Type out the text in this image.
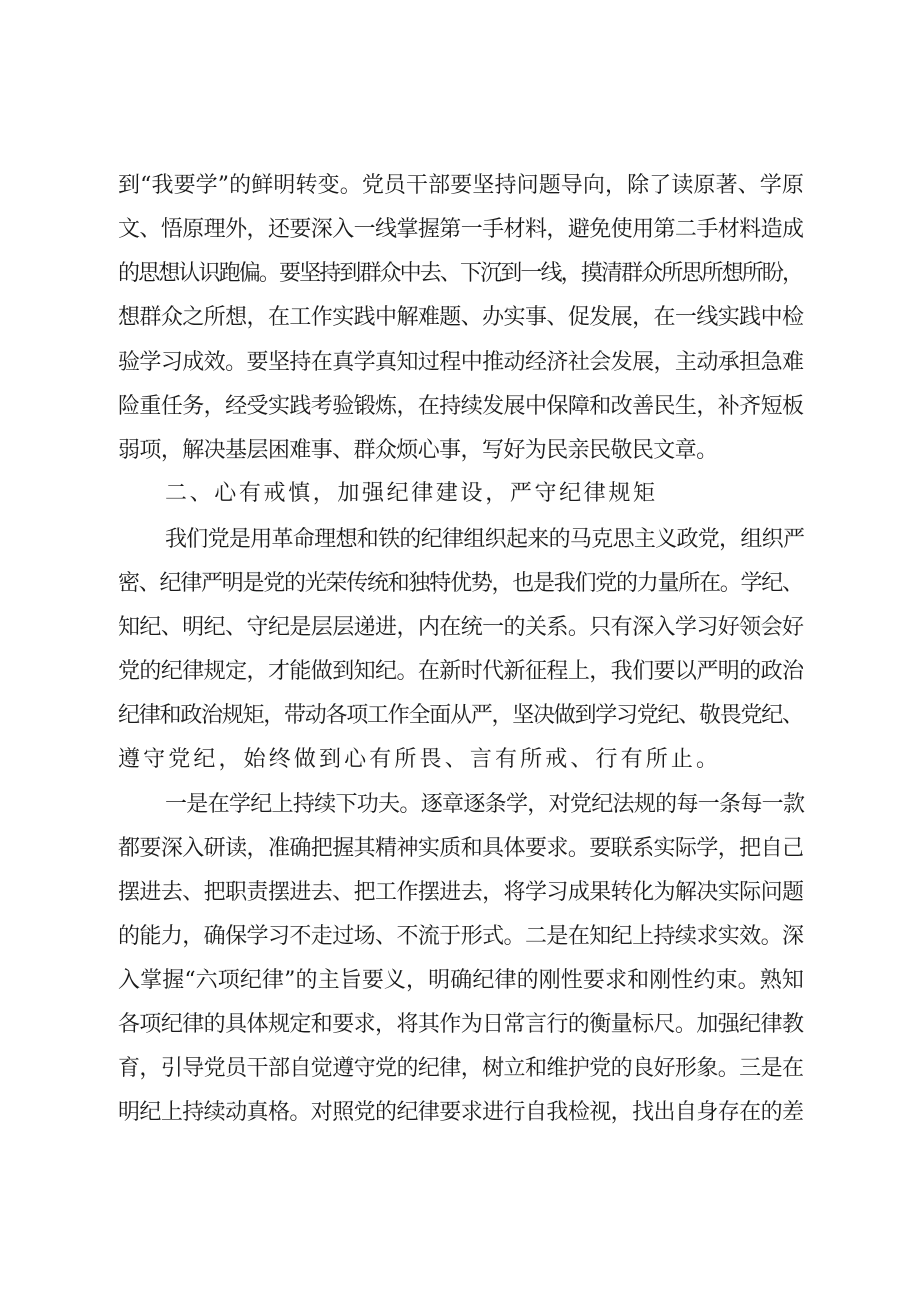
到“我要学”的鲜明转变。党员干部要坚持问题导向，除了读原著、学原
文、悟原理外，还要深入一线掌握第一手材料，避免使用第二手材料造成
的思想认识跑偏。要坚持到群众中去、下沉到一线，摸清群众所思所想所盼，
想群众之所想，在工作实践中解难题、办实事、促发展，在一线实践中检
验学习成效。要坚持在真学真知过程中推动经济社会发展，主动承担急难
险重任务，经受实践考验锻炼，在持续发展中保障和改善民生，补齐短板
弱项，解决基层困难事、群众烦心事，写好为民亲民敬民文章。
二、心有戒慎，加强纪律建设，严守纪律规矩
我们党是用革命理想和铁的纪律组织起来的马克思主义政党，组织严
密、纪律严明是党的光荣传统和独特优势，也是我们党的力量所在。学纪、
知纪、明纪、守纪是层层递进，内在统一的关系。只有深入学习好领会好
党的纪律规定，才能做到知纪。在新时代新征程上，我们要以严明的政治
纪律和政治规矩，带动各项工作全面从严，坚决做到学习党纪、敬畏党纪、
遵守党纪，始终做到心有所畏、言有所戒、行有所止。
一是在学纪上持续下功夫。逐章逐条学，对党纪法规的每一条每一款
都要深入研读，准确把握其精神实质和具体要求。要联系实际学，把自己
摆进去、把职责摆进去、把工作摆进去，将学习成果转化为解决实际问题
的能力，确保学习不走过场、不流于形式。二是在知纪上持续求实效。深
入掌握“六项纪律”的主旨要义，明确纪律的刚性要求和刚性约束。熟知
各项纪律的具体规定和要求，将其作为日常言行的衡量标尺。加强纪律教
育，引导党员干部自觉遵守党的纪律，树立和维护党的良好形象。三是在
明纪上持续动真格。对照党的纪律要求进行自我检视，找出自身存在的差
